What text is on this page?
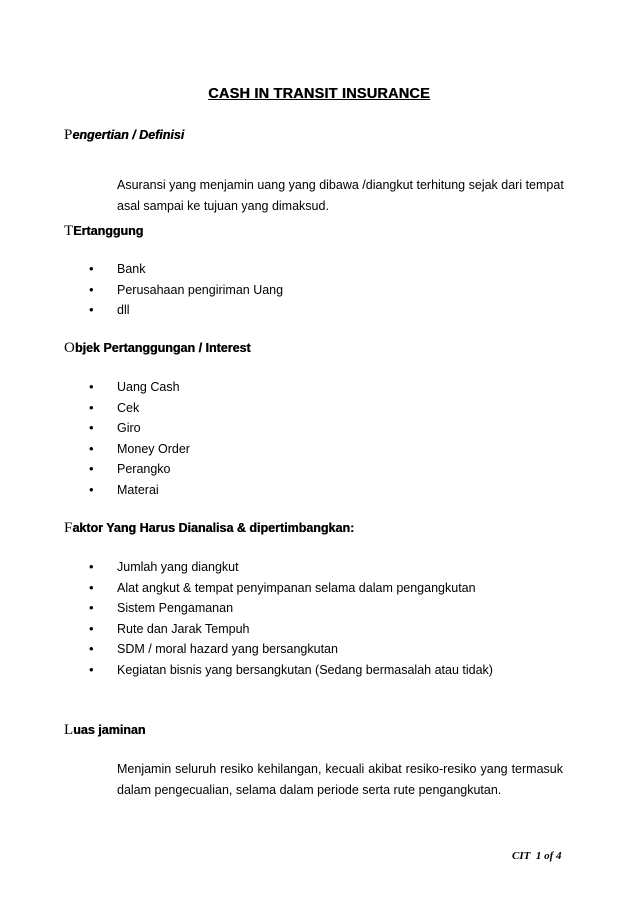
CASH IN TRANSIT INSURANCE
Pengertian / Definisi
Asuransi yang menjamin uang yang dibawa /diangkut terhitung sejak dari tempat
asal sampai ke tujuan yang dimaksud.
TErtanggung
• Bank
• Perusahaan pengiriman Uang
• dll
Objek Pertanggungan / Interest
• Uang Cash
• Cek
• Giro
• Money Order
• Perangko
• Materai
Faktor Yang Harus Dianalisa & dipertimbangkan:
• Jumlah yang diangkut
• Alat angkut & tempat penyimpanan selama dalam pengangkutan
• Sistem Pengamanan
• Rute dan Jarak Tempuh
• SDM / moral hazard yang bersangkutan
• Kegiatan bisnis yang bersangkutan (Sedang bermasalah atau tidak)
Luas jaminan
Menjamin seluruh resiko kehilangan, kecuali akibat resiko-resiko yang termasuk
dalam pengecualian, selama dalam periode serta rute pengangkutan.
CIT  1 of 4
